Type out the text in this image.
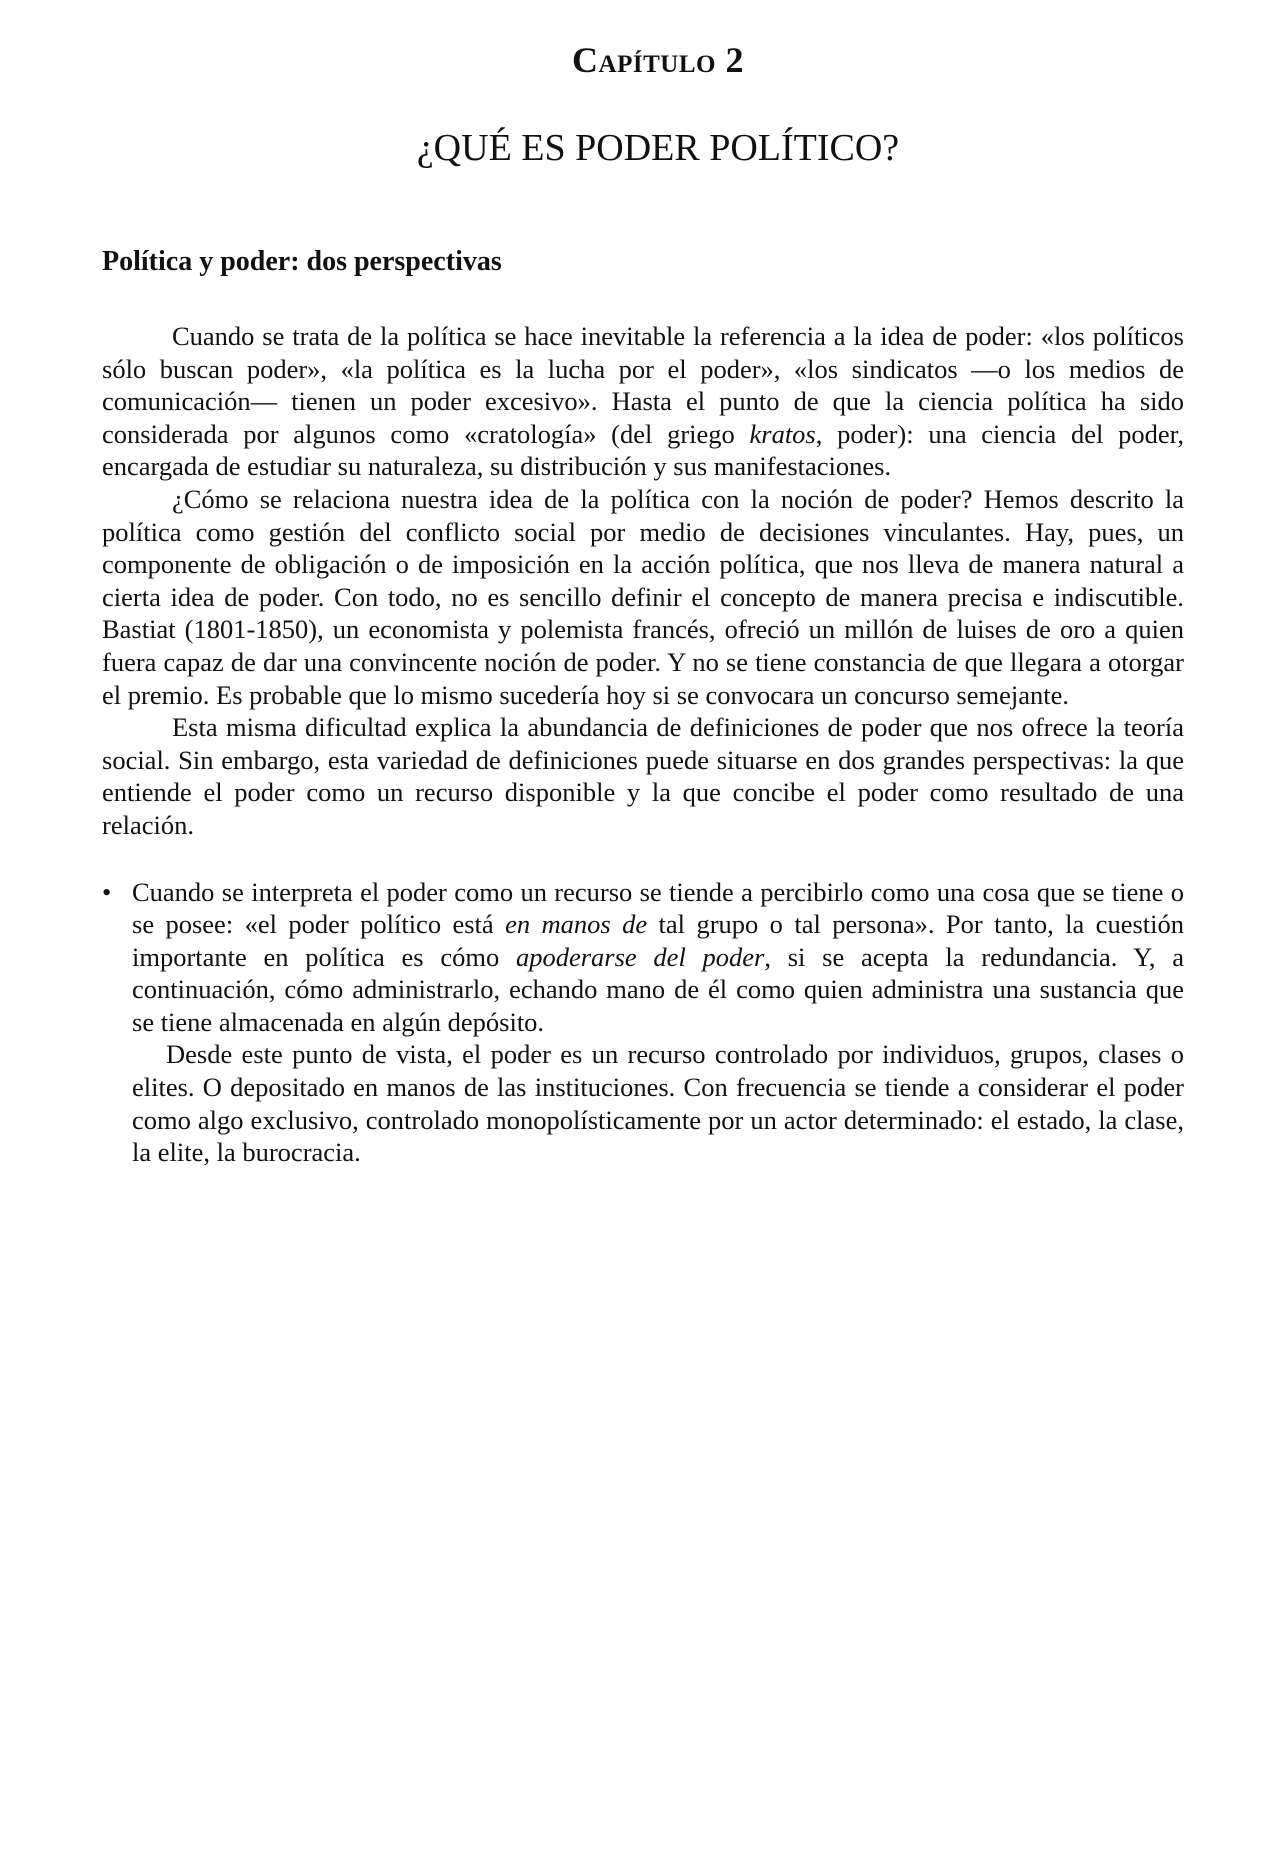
Capítulo 2
¿QUÉ ES PODER POLÍTICO?
Política y poder: dos perspectivas

Cuando se trata de la política se hace inevitable la referencia a la idea de poder: «los políticos sólo buscan poder», «la política es la lucha por el poder», «los sindicatos —o los medios de comunicación— tienen un poder excesivo». Hasta el punto de que la ciencia política ha sido considerada por algunos como «cratología» (del griego kratos, poder): una ciencia del poder, encargada de estudiar su naturaleza, su distribución y sus manifestaciones.

¿Cómo se relaciona nuestra idea de la política con la noción de poder? Hemos descrito la política como gestión del conflicto social por medio de decisiones vinculantes. Hay, pues, un componente de obligación o de imposición en la acción política, que nos lleva de manera natural a cierta idea de poder. Con todo, no es sencillo definir el concepto de manera precisa e indiscutible. Bastiat (1801-1850), un economista y polemista francés, ofreció un millón de luises de oro a quien fuera capaz de dar una convincente noción de poder. Y no se tiene constancia de que llegara a otorgar el premio. Es probable que lo mismo sucedería hoy si se convocara un concurso semejante.

Esta misma dificultad explica la abundancia de definiciones de poder que nos ofrece la teoría social. Sin embargo, esta variedad de definiciones puede situarse en dos grandes perspectivas: la que entiende el poder como un recurso disponible y la que concibe el poder como resultado de una relación.

• Cuando se interpreta el poder como un recurso se tiende a percibirlo como una cosa que se tiene o se posee: «el poder político está en manos de tal grupo o tal persona». Por tanto, la cuestión importante en política es cómo apoderarse del poder, si se acepta la redundancia. Y, a continuación, cómo administrarlo, echando mano de él como quien administra una sustancia que se tiene almacenada en algún depósito.

Desde este punto de vista, el poder es un recurso controlado por individuos, grupos, clases o elites. O depositado en manos de las instituciones. Con frecuencia se tiende a considerar el poder como algo exclusivo, controlado monopolísticamente por un actor determinado: el estado, la clase, la elite, la burocracia.
